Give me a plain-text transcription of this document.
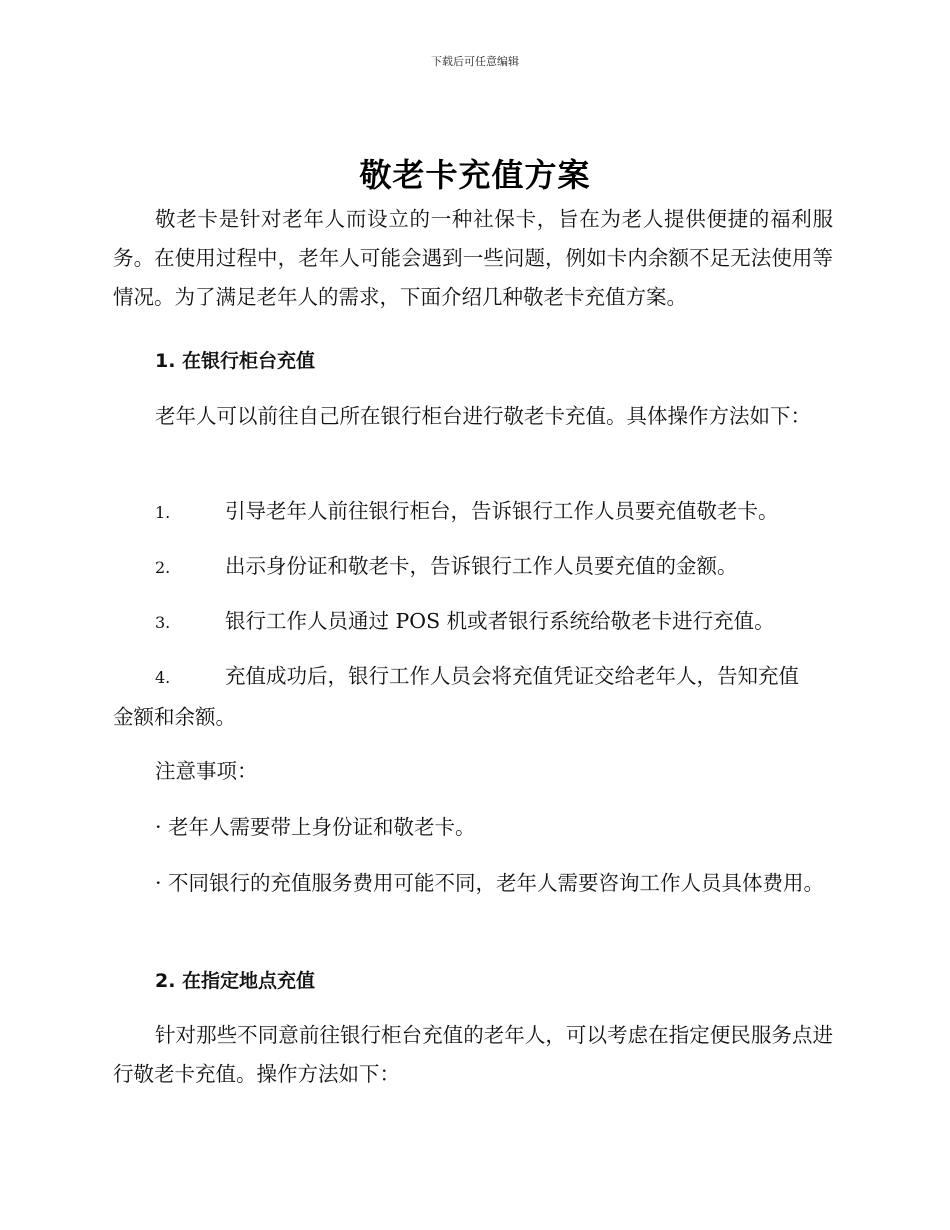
下载后可任意编辑
敬老卡充值方案
敬老卡是针对老年人而设立的一种社保卡，旨在为老人提供便捷的福利服务。在使用过程中，老年人可能会遇到一些问题，例如卡内余额不足无法使用等情况。为了满足老年人的需求，下面介绍几种敬老卡充值方案。
1. 在银行柜台充值
老年人可以前往自己所在银行柜台进行敬老卡充值。具体操作方法如下：
1.	引导老年人前往银行柜台，告诉银行工作人员要充值敬老卡。
2.	出示身份证和敬老卡，告诉银行工作人员要充值的金额。
3.	银行工作人员通过 POS 机或者银行系统给敬老卡进行充值。
4.	充值成功后，银行工作人员会将充值凭证交给老年人，告知充值
金额和余额。
注意事项：
· 老年人需要带上身份证和敬老卡。
· 不同银行的充值服务费用可能不同，老年人需要咨询工作人员具体费用。
2. 在指定地点充值
针对那些不同意前往银行柜台充值的老年人，可以考虑在指定便民服务点进行敬老卡充值。操作方法如下：
